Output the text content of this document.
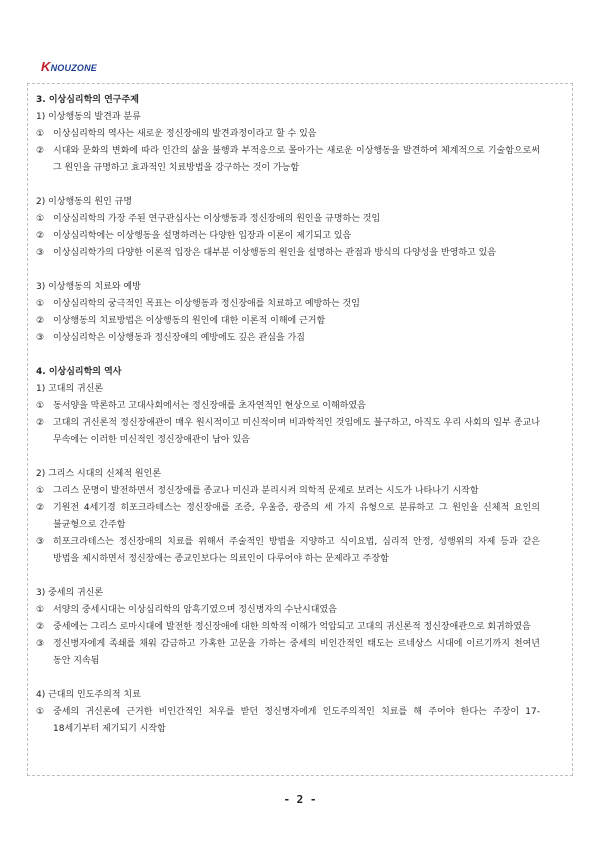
KNOUZONE
3. 이상심리학의 연구주제
1) 이상행동의 발견과 분류
① 이상심리학의 역사는 새로운 정신장애의 발견과정이라고 할 수 있음
② 시대와 문화의 변화에 따라 인간의 삶을 불행과 부적응으로 몰아가는 새로운 이상행동을 발견하여 체계적으로 기술함으로써 그 원인을 규명하고 효과적인 치료방법을 강구하는 것이 가능함
2) 이상행동의 원인 규명
① 이상심리학의 가장 주된 연구관심사는 이상행동과 정신장애의 원인을 규명하는 것임
② 이상심리학에는 이상행동을 설명하려는 다양한 입장과 이론이 제기되고 있음
③ 이상심리학가의 다양한 이론적 입장은 대부분 이상행동의 원인을 설명하는 관점과 방식의 다양성을 반영하고 있음
3) 이상행동의 치료와 예방
① 이상심리학의 궁극적인 목표는 이상행동과 정신장애를 치료하고 예방하는 것임
② 이상행동의 치료방법은 이상행동의 원인에 대한 이론적 이해에 근거함
③ 이상심리학은 이상행동과 정신장애의 예방에도 깊은 관심을 가짐
4. 이상심리학의 역사
1) 고대의 귀신론
① 동서양을 막론하고 고대사회에서는 정신장애를 초자연적인 현상으로 이해하였음
② 고대의 귀신론적 정신장애관이 매우 원시적이고 미신적이며 비과학적인 것임에도 불구하고, 아직도 우리 사회의 일부 종교나 무속에는 이러한 미신적인 정신장애관이 남아 있음
2) 그리스 시대의 신체적 원인론
① 그리스 문명이 발전하면서 정신장애를 종교나 미신과 분리시켜 의학적 문제로 보려는 시도가 나타나기 시작함
② 기원전 4세기경 히포크라테스는 정신장애를 조증, 우울증, 광증의 세 가지 유형으로 분류하고 그 원인을 신체적 요인의 불균형으로 간주함
③ 히포크라테스는 정신장애의 치료를 위해서 주술적인 방법을 지양하고 식이요법, 심리적 안정, 성행위의 자제 등과 같은 방법을 제시하면서 정신장애는 종교인보다는 의료인이 다루어야 하는 문제라고 주장함
3) 중세의 귀신론
① 서양의 중세시대는 이상심리학의 암흑기였으며 정신병자의 수난시대였음
② 중세에는 그리스 로마시대에 발전한 정신장애에 대한 의학적 이해가 억압되고 고대의 귀신론적 정신장애관으로 회귀하였음
③ 정신병자에게 족쇄를 채워 감금하고 가혹한 고문을 가하는 중세의 비인간적인 태도는 르네상스 시대에 이르기까지 천여년 동안 지속됨
4) 근대의 인도주의적 치료
① 중세의 귀신론에 근거한 비인간적인 처우를 받던 정신병자에게 인도주의적인 치료를 해 주어야 한다는 주장이 17-18세기부터 제기되기 시작함
- 2 -
